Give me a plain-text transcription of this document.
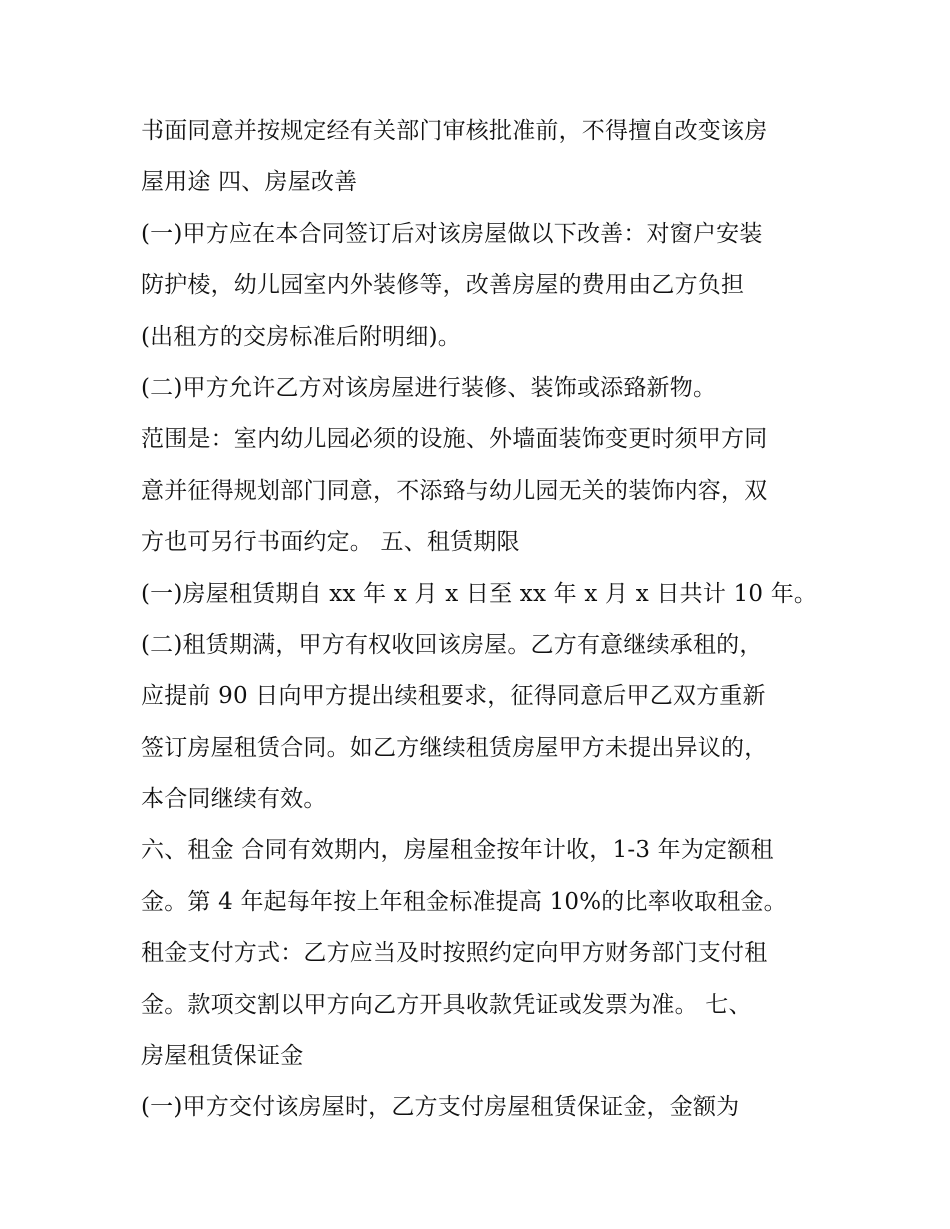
书面同意并按规定经有关部门审核批准前，不得擅自改变该房
屋用途 四、房屋改善
(一)甲方应在本合同签订后对该房屋做以下改善：对窗户安装
防护棱，幼儿园室内外装修等，改善房屋的费用由乙方负担
(出租方的交房标准后附明细)。
(二)甲方允许乙方对该房屋进行装修、装饰或添臵新物。
范围是：室内幼儿园必须的设施、外墙面装饰变更时须甲方同
意并征得规划部门同意，不添臵与幼儿园无关的装饰内容，双
方也可另行书面约定。 五、租赁期限
(一)房屋租赁期自 xx 年 x 月 x 日至 xx 年 x 月 x 日共计 10 年。
(二)租赁期满，甲方有权收回该房屋。乙方有意继续承租的，
应提前 90 日向甲方提出续租要求，征得同意后甲乙双方重新
签订房屋租赁合同。如乙方继续租赁房屋甲方未提出异议的，
本合同继续有效。
六、租金 合同有效期内，房屋租金按年计收，1-3 年为定额租
金。第 4 年起每年按上年租金标准提高 10%的比率收取租金。
租金支付方式：乙方应当及时按照约定向甲方财务部门支付租
金。款项交割以甲方向乙方开具收款凭证或发票为准。 七、
房屋租赁保证金
(一)甲方交付该房屋时，乙方支付房屋租赁保证金，金额为
